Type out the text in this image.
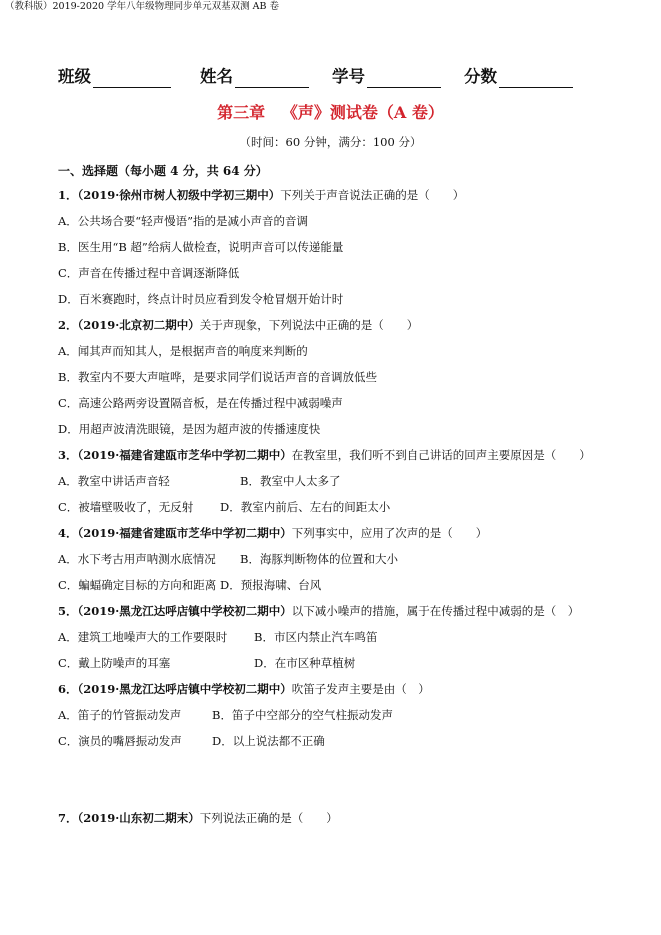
（教科版）2019-2020 学年八年级物理同步单元双基双测 AB 卷
班级	姓名	学号	分数
第三章   《声》测试卷（A 卷）
（时间：60 分钟，满分：100 分）
一、选择题（每小题 4 分，共 64 分）
1．（2019·徐州市树人初级中学初三期中）下列关于声音说法正确的是（　　）
A．公共场合要“轻声慢语”指的是减小声音的音调
B．医生用“B 超”给病人做检查，说明声音可以传递能量
C．声音在传播过程中音调逐渐降低
D．百米赛跑时，终点计时员应看到发令枪冒烟开始计时
2．（2019·北京初二期中）关于声现象，下列说法中正确的是（　　）
A．闻其声而知其人，是根据声音的响度来判断的
B．教室内不要大声喧哗，是要求同学们说话声音的音调放低些
C．高速公路两旁设置隔音板，是在传播过程中减弱噪声
D．用超声波清洗眼镜，是因为超声波的传播速度快
3．（2019·福建省建瓯市芝华中学初二期中）在教室里，我们听不到自己讲话的回声主要原因是（　　）
A．教室中讲话声音轻	B．教室中人太多了
C．被墙壁吸收了，无反射 D．教室内前后、左右的间距太小
4．（2019·福建省建瓯市芝华中学初二期中）下列事实中，应用了次声的是（　　）
A．水下考古用声呐测水底情况 B．海豚判断物体的位置和大小
C．蝙蝠确定目标的方向和距离 D．预报海啸、台风
5．（2019·黑龙江达呼店镇中学校初二期中）以下减小噪声的措施，属于在传播过程中减弱的是（　）
A．建筑工地噪声大的工作要限时 B．市区内禁止汽车鸣笛
C．戴上防噪声的耳塞	D．在市区种草植树
6．（2019·黑龙江达呼店镇中学校初二期中）吹笛子发声主要是由（　）
A．笛子的竹管振动发声	B．笛子中空部分的空气柱振动发声
C．演员的嘴唇振动发声	D．以上说法都不正确
7．（2019·山东初二期末）下列说法正确的是（　　）
